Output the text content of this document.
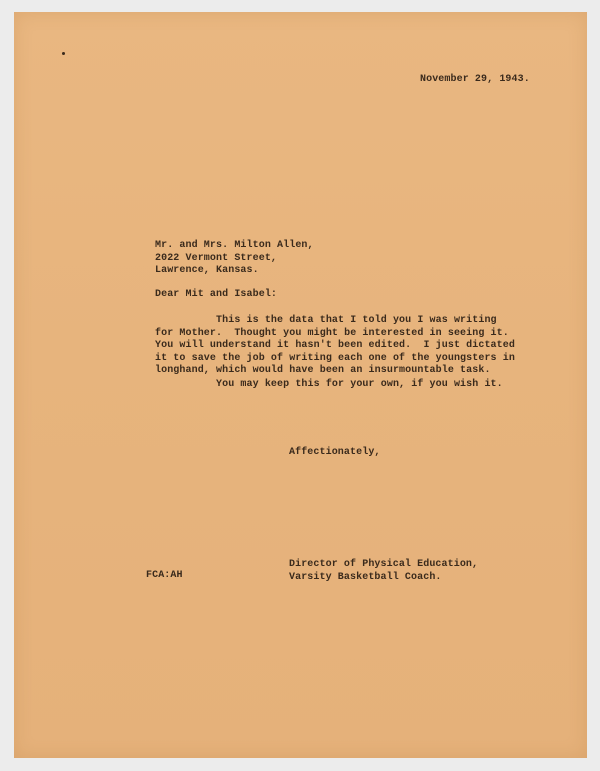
November 29, 1943.
Mr. and Mrs. Milton Allen,
2022 Vermont Street,
Lawrence, Kansas.
Dear Mit and Isabel:
This is the data that I told you I was writing
for Mother.  Thought you might be interested in seeing it.
You will understand it hasn't been edited.  I just dictated
it to save the job of writing each one of the youngsters in
longhand, which would have been an insurmountable task.
You may keep this for your own, if you wish it.
Affectionately,
Director of Physical Education,
Varsity Basketball Coach.
FCA:AH
